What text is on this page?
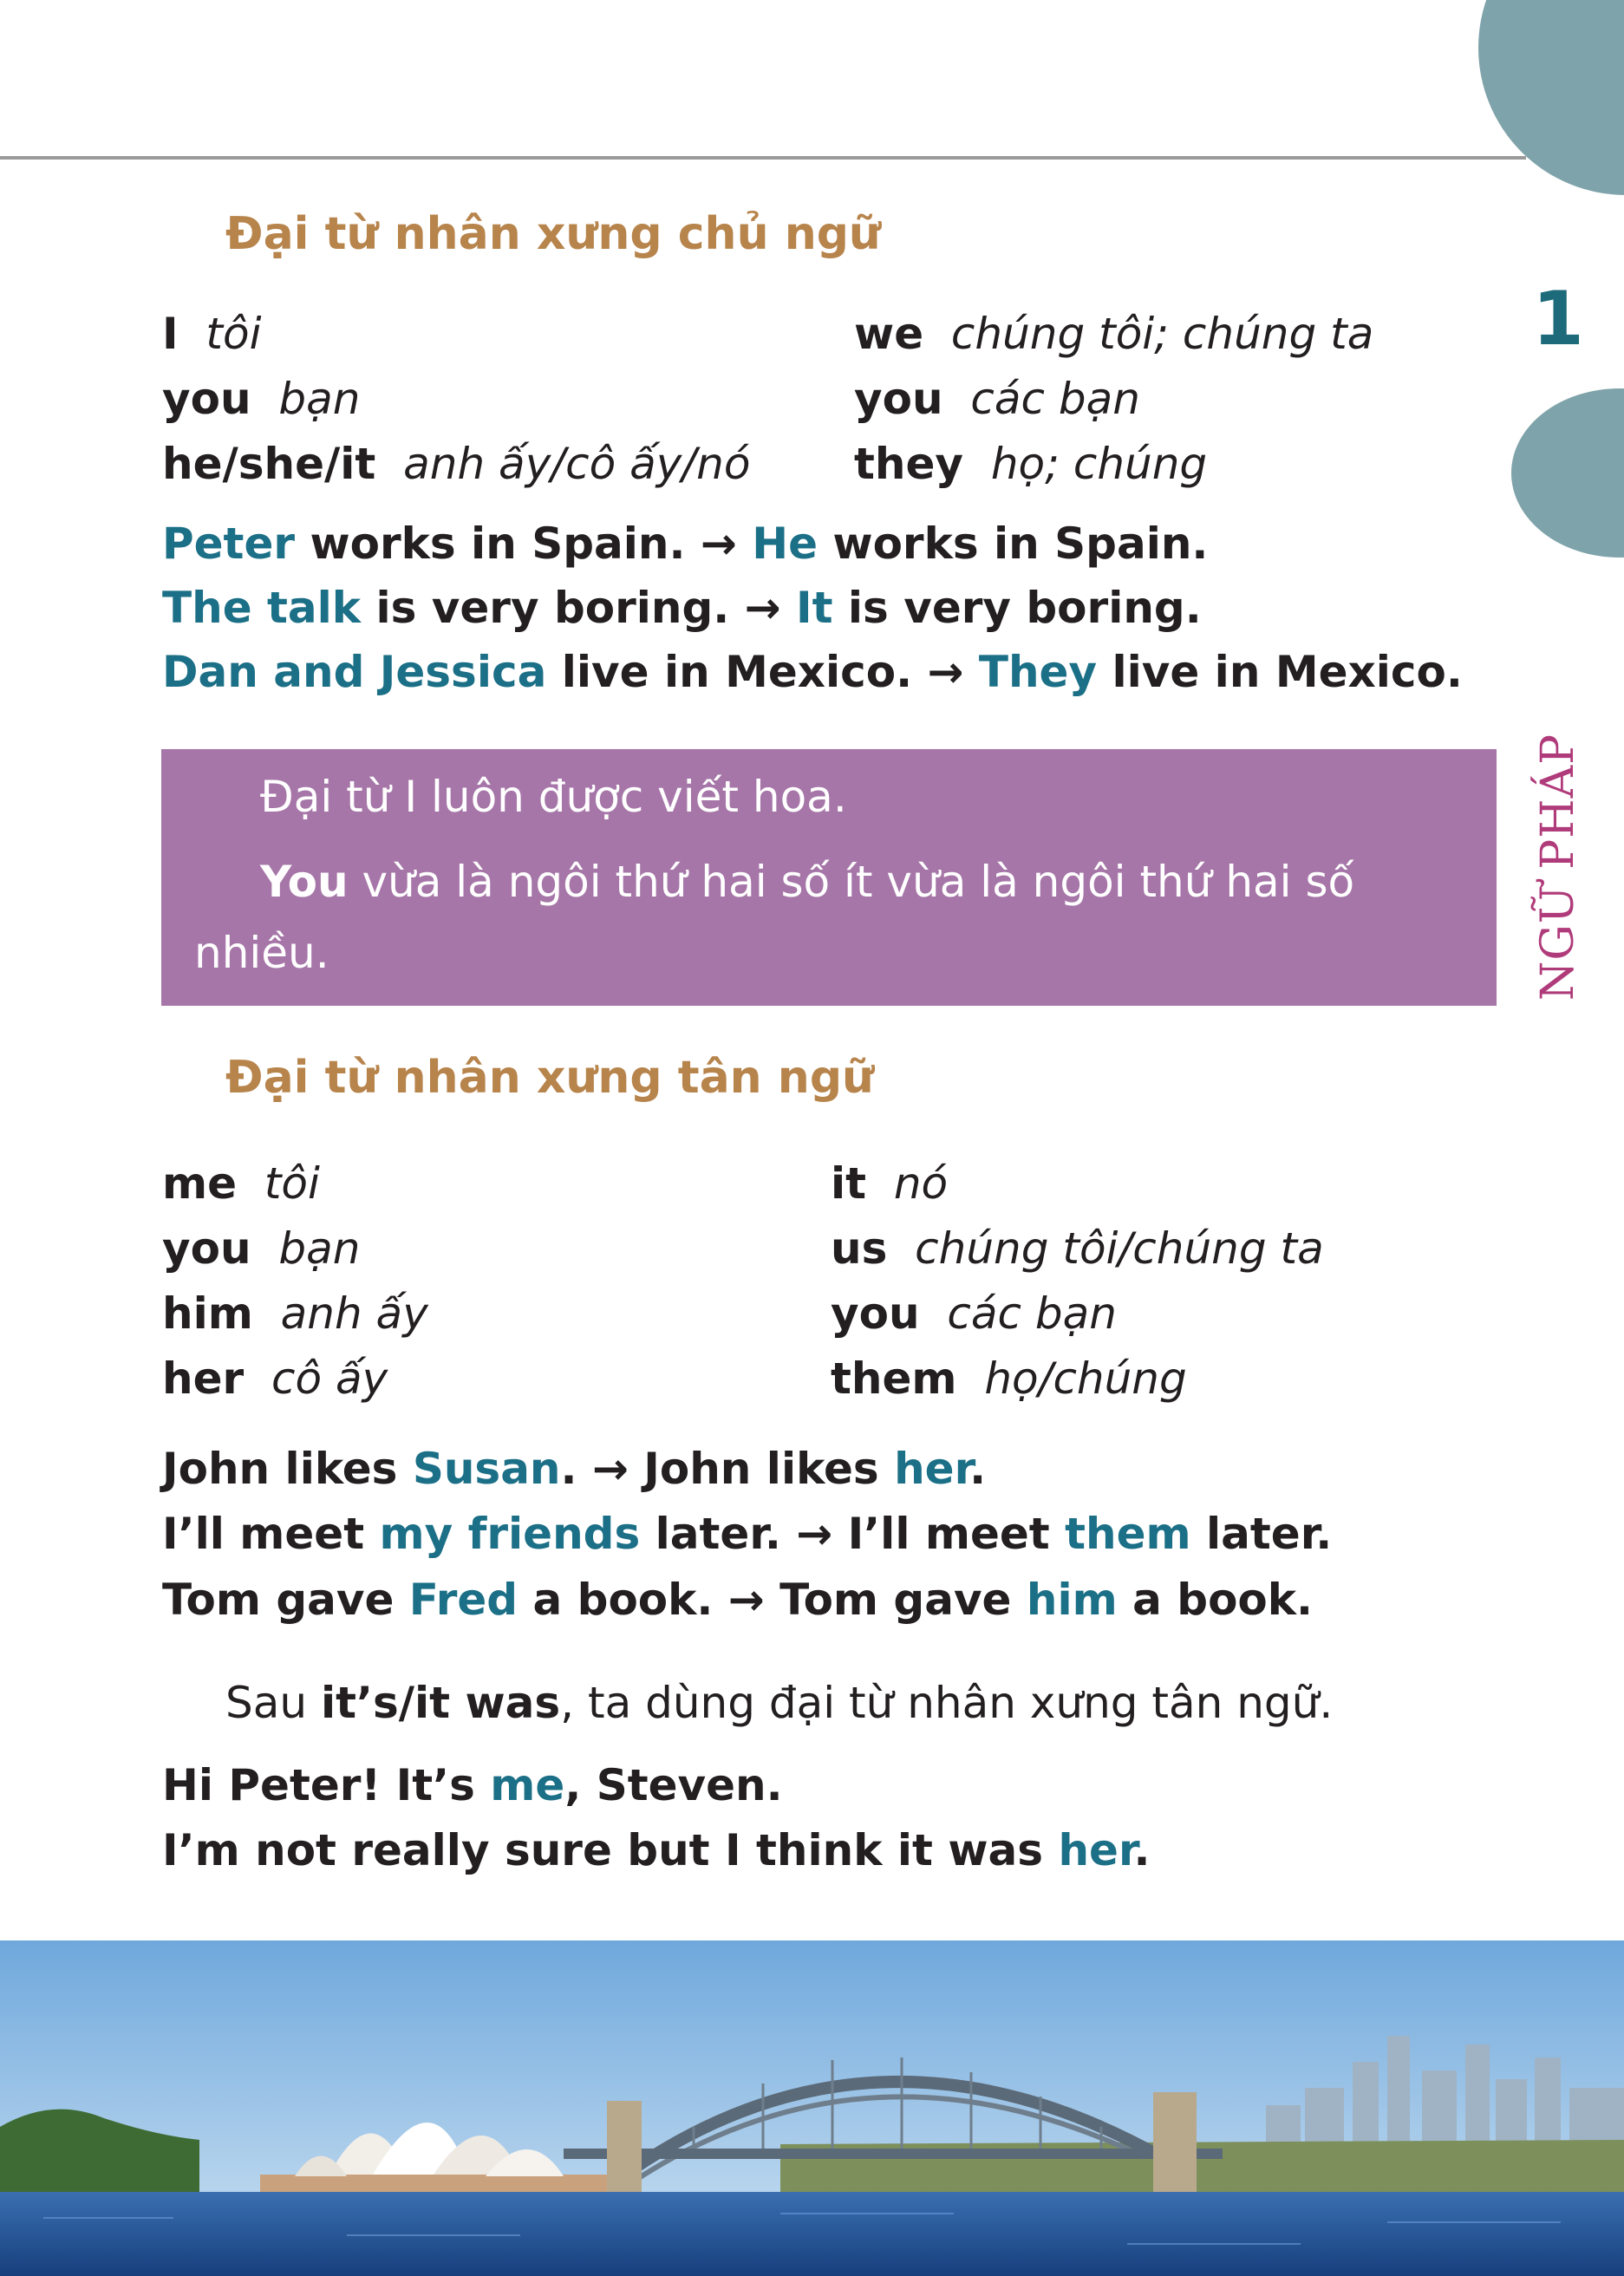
1
NGỮ PHÁP
Đại từ nhân xưng chủ ngữ
I tôi
you bạn
he/she/it anh ấy/cô ấy/nó
we chúng tôi; chúng ta
you các bạn
they họ; chúng
Peter works in Spain. → He works in Spain.
The talk is very boring. → It is very boring.
Dan and Jessica live in Mexico. → They live in Mexico.
Đại từ I luôn được viết hoa.
You vừa là ngôi thứ hai số ít vừa là ngôi thứ hai số
nhiều.
Đại từ nhân xưng tân ngữ
me tôi
you bạn
him anh ấy
her cô ấy
it nó
us chúng tôi/chúng ta
you các bạn
them họ/chúng
John likes Susan. → John likes her.
I’ll meet my friends later. → I’ll meet them later.
Tom gave Fred a book. → Tom gave him a book.
Sau it’s/it was, ta dùng đại từ nhân xưng tân ngữ.
Hi Peter! It’s me, Steven.
I’m not really sure but I think it was her.
